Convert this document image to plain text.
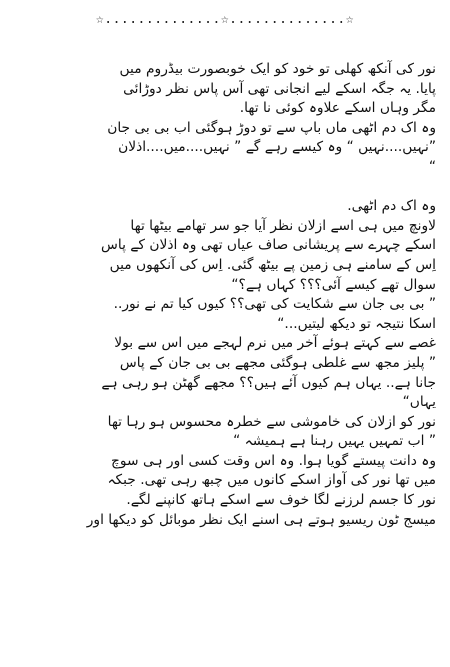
☆..............☆..............☆
نور کی آنکھ کھلی تو خود کو ایک خوبصورت بیڈروم میں
پایا. یہ جگہ اسکے لیے انجانی تھی آس پاس نظر دوڑائی
مگر وہاں اسکے علاوہ کوئی نا تھا.
وہ اک دم اٹھی ماں باپ سے تو دوڑ ہوگئی اب بی بی جان
”نہیں....نہیں “ وہ کیسے رہے گے ” نہیں....میں....اذلان
“
وہ اک دم اٹھی.
لاونچ میں ہی اسے ازلان نظر آیا جو سر تھامے بیٹھا تھا
اسکے چہرے سے پریشانی صاف عیاں تھی وہ اذلان کے پاس
اِس کے سامنے ہی زمین پے بیٹھ گئی. اِس کی آنکھوں میں
سوال تھے کیسے آئی؟؟؟ کہاں ہے؟“
” بی بی جان سے شکایت کی تھی؟؟ کیوں کیا تم نے نور..
اسکا نتیجہ تو دیکھ لیتیں...“
غصے سے کہتے ہوئے آخر میں نرم لہجے میں اس سے بولا
” پلیز مجھ سے غلطی ہوگئی مجھے بی بی جان کے پاس
جانا ہے.. یہاں ہم کیوں آئے ہیں؟؟ مجھے گھٹن ہو رہی ہے
یہاں“
نور کو ازلان کی خاموشی سے خطرہ محسوس ہو رہا تھا
” اب تمہیں یہیں رہنا ہے ہمیشہ “
وہ دانت پیستے گویا ہوا. وہ اس وقت کسی اور ہی سوچ
میں تھا نور کی آواز اسکے کانوں میں چبھ رہی تھی. جبکہ
نور کا جسم لرزنے لگا خوف سے اسکے ہاتھ کانپنے لگے.
میسج ٹون ریسیو ہوتے ہی اسنے ایک نظر موبائل کو دیکھا اور
